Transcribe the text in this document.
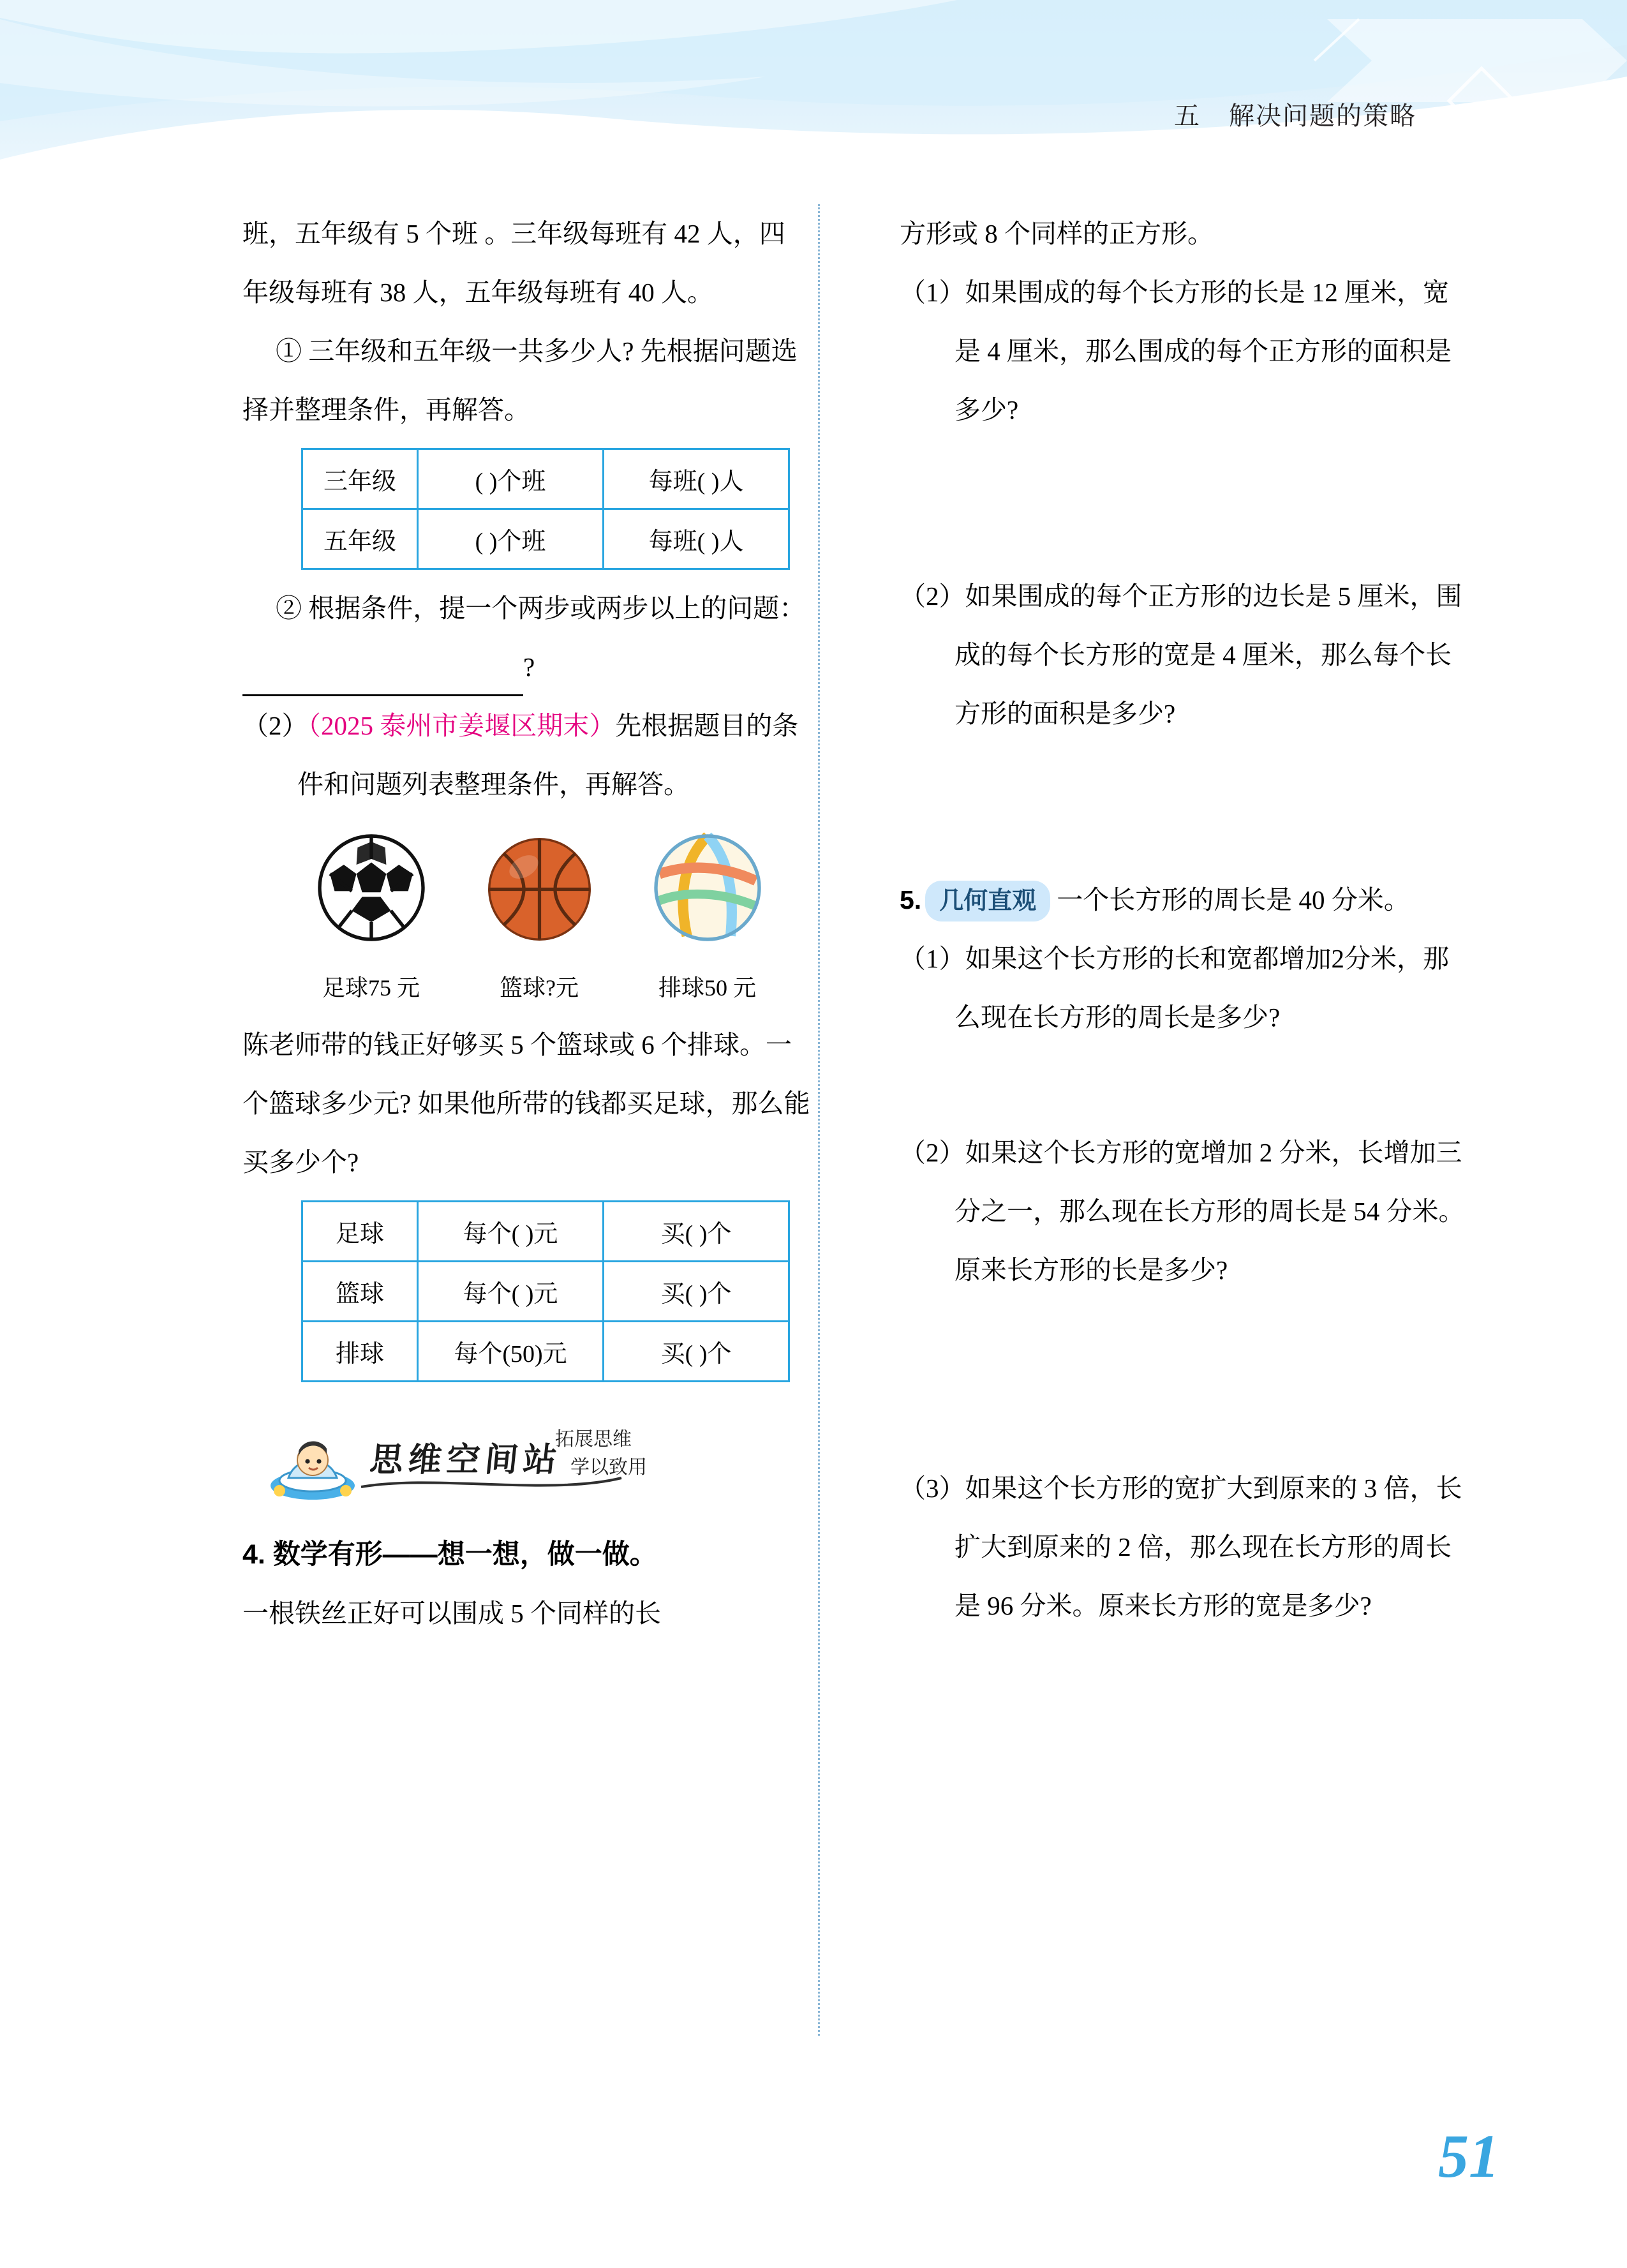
五 解决问题的策略

班，五年级有 5 个班 。三年级每班有 42 人，四年级每班有 38 人，五年级每班有 40 人。

① 三年级和五年级一共多少人? 先根据问题选择并整理条件，再解答。

三年级	( )个班	每班( )人
五年级	( )个班	每班( )人

② 根据条件，提一个两步或两步以上的问题：?

（2）（2025 泰州市姜堰区期末）先根据题目的条件和问题列表整理条件，再解答。

足球75 元	篮球?元	排球50 元

陈老师带的钱正好够买 5 个篮球或 6 个排球。一个篮球多少元? 如果他所带的钱都买足球，那么能买多少个?

足球	每个( )元	买( )个
篮球	每个( )元	买( )个
排球	每个(50)元	买( )个
思维空间站
拓展思维
学以致用

4. 数学有形——想一想，做一做。

一根铁丝正好可以围成 5 个同样的长

方形或 8 个同样的正方形。

（1）如果围成的每个长方形的长是 12 厘米，宽是 4 厘米，那么围成的每个正方形的面积是多少?

（2）如果围成的每个正方形的边长是 5 厘米，围成的每个长方形的宽是 4 厘米，那么每个长方形的面积是多少?

5. 几何直观 一个长方形的周长是 40 分米。

（1）如果这个长方形的长和宽都增加2分米，那么现在长方形的周长是多少?

（2）如果这个长方形的宽增加 2 分米，长增加三分之一，那么现在长方形的周长是 54 分米。原来长方形的长是多少?

（3）如果这个长方形的宽扩大到原来的 3 倍，长扩大到原来的 2 倍，那么现在长方形的周长是 96 分米。原来长方形的宽是多少?

51
